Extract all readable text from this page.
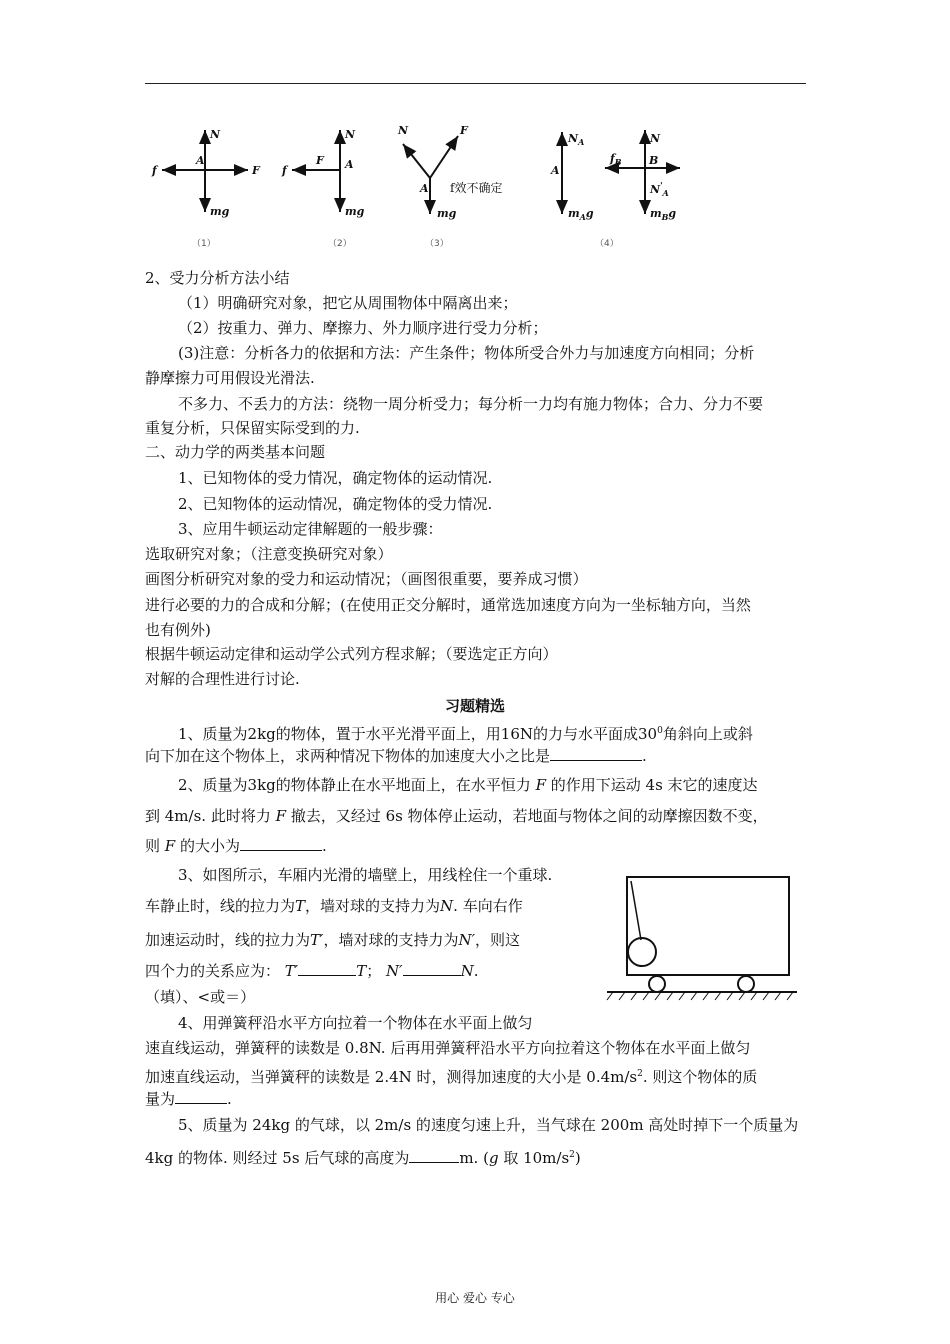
N
F
f
A
mg
N
F
f	A
mg
N	F
A
mg
f效不确定
$N_A$
A
$m_Ag$
N
$f_B$	B
$N'_A$
$m_Bg$
（1）	（2）	（3）	（4）
2、受力分析方法小结
（1）明确研究对象，把它从周围物体中隔离出来；
（2）按重力、弹力、摩擦力、外力顺序进行受力分析；
(3)注意：分析各力的依据和方法：产生条件；物体所受合外力与加速度方向相同；分析
静摩擦力可用假设光滑法.
不多力、不丢力的方法：绕物一周分析受力；每分析一力均有施力物体；合力、分力不要
重复分析，只保留实际受到的力.
二、动力学的两类基本问题
1、已知物体的受力情况，确定物体的运动情况.
2、已知物体的运动情况，确定物体的受力情况.
3、应用牛顿运动定律解题的一般步骤：
选取研究对象；（注意变换研究对象）
画图分析研究对象的受力和运动情况；（画图很重要，要养成习惯）
进行必要的力的合成和分解；(在使用正交分解时，通常选加速度方向为一坐标轴方向，当然
也有例外)
根据牛顿运动定律和运动学公式列方程求解；（要选定正方向）
对解的合理性进行讨论.
习题精选
1、质量为2kg的物体，置于水平光滑平面上，用16N的力与水平面成$30^0$角斜向上或斜
向下加在这个物体上，求两种情况下物体的加速度大小之比是	.
2、质量为3kg的物体静止在水平地面上，在水平恒力 F 的作用下运动 4s 末它的速度达
到 4m/s. 此时将力 F 撤去，又经过 6s 物体停止运动，若地面与物体之间的动摩擦因数不变，
则 F 的大小为	.
3、如图所示，车厢内光滑的墙壁上，用线栓住一个重球.
车静止时，线的拉力为T，墙对球的支持力为N. 车向右作
加速运动时，线的拉力为T′，墙对球的支持力为N′，则这
四个力的关系应为： T′	T； N′	N.
（填）、<或＝）
4、用弹簧秤沿水平方向拉着一个物体在水平面上做匀
速直线运动，弹簧秤的读数是 0.8N. 后再用弹簧秤沿水平方向拉着这个物体在水平面上做匀
加速直线运动，当弹簧秤的读数是 2.4N 时，测得加速度的大小是 $0.4m/s^2$. 则这个物体的质
量为	.
5、质量为 24kg 的气球，以 2m/s 的速度匀速上升，当气球在 200m 高处时掉下一个质量为
4kg 的物体. 则经过 5s 后气球的高度为	m. (g 取 $10m/s^2$)
用心 爱心 专心
